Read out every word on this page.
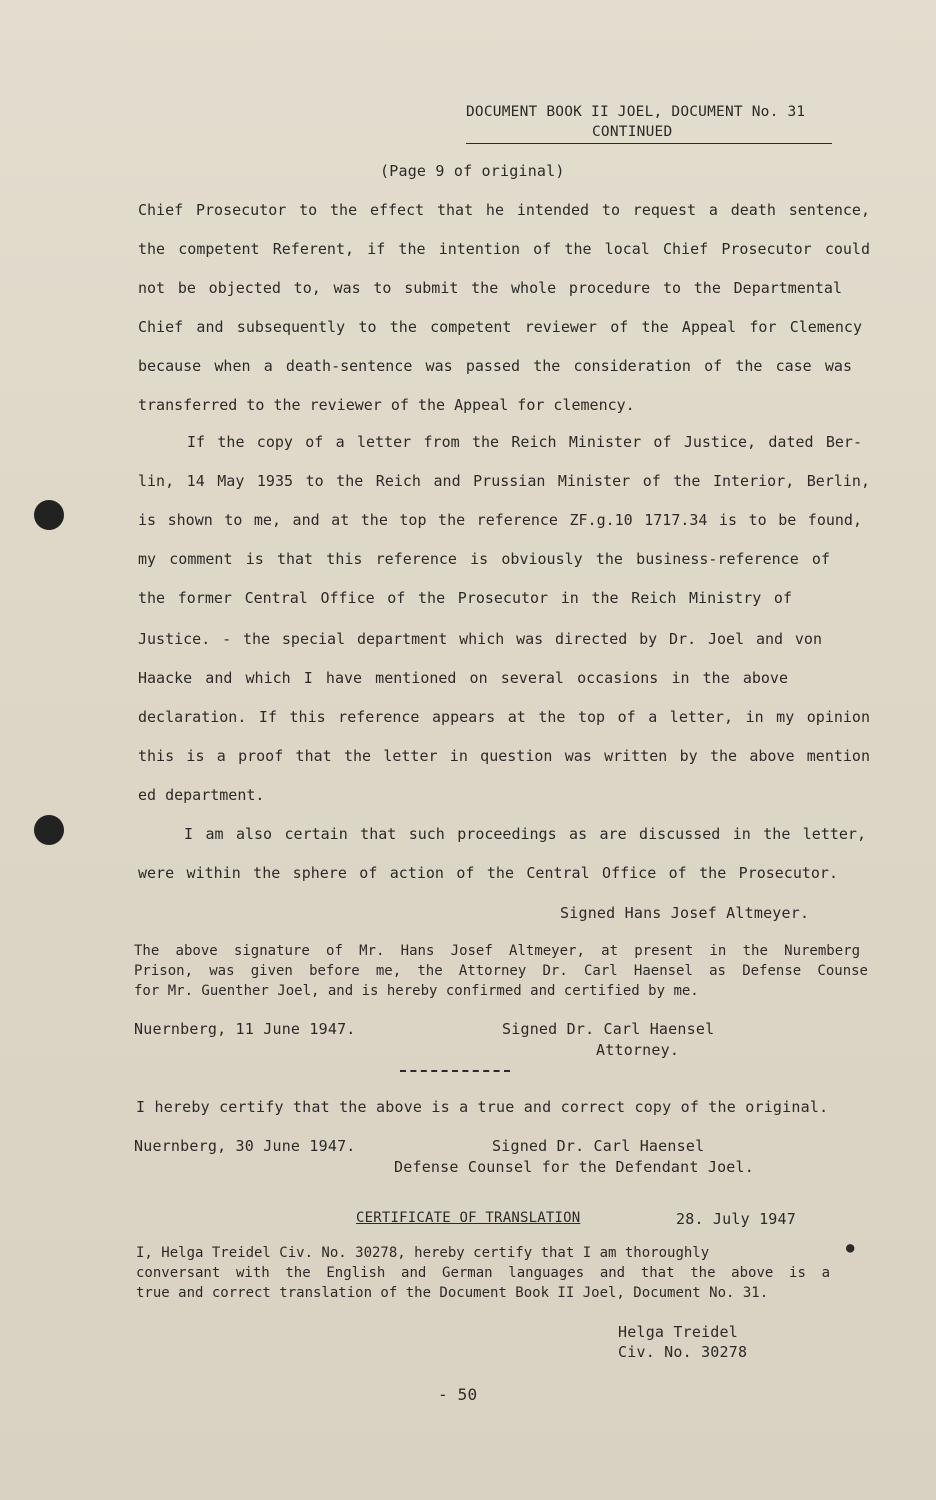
DOCUMENT BOOK II JOEL, DOCUMENT No. 31
CONTINUED
(Page 9 of original)
Chief Prosecutor to the effect that he intended to request a death sentence,
the competent Referent, if the intention of the local Chief Prosecutor could
not be objected to, was to submit the whole procedure to the Departmental
Chief and subsequently to the competent reviewer of the Appeal for Clemency
because when a death-sentence was passed the consideration of the case was
transferred to the reviewer of the Appeal for clemency.
If the copy of a letter from the Reich Minister of Justice, dated Ber-
lin, 14 May 1935 to the Reich and Prussian Minister of the Interior, Berlin,
is shown to me, and at the top the reference ZF.g.10 1717.34 is to be found,
my comment is that this reference is obviously the business-reference of
the former Central Office of the Prosecutor in the Reich Ministry of
Justice. - the special department which was directed by Dr. Joel and von
Haacke and which I have mentioned on several occasions in the above
declaration. If this reference appears at the top of a letter, in my opinion
this is a proof that the letter in question was written by the above mention
ed department.
I am also certain that such proceedings as are discussed in the letter,
were within the sphere of action of the Central Office of the Prosecutor.
Signed Hans Josef Altmeyer.
The above signature of Mr. Hans Josef Altmeyer, at present in the Nuremberg
Prison, was given before me, the Attorney Dr. Carl Haensel as Defense Counse
for Mr. Guenther Joel, and is hereby confirmed and certified by me.
Nuernberg, 11 June 1947.	Signed Dr. Carl Haensel
Attorney.
I hereby certify that the above is a true and correct copy of the original.
Nuernberg, 30 June 1947.	Signed Dr. Carl Haensel
Defense Counsel for the Defendant Joel.
CERTIFICATE OF TRANSLATION	28. July 1947
I, Helga Treidel Civ. No. 30278, hereby certify that I am thoroughly
conversant with the English and German languages and that the above is a
true and correct translation of the Document Book II Joel, Document No. 31.
●
Helga Treidel
Civ. No. 30278
- 50
